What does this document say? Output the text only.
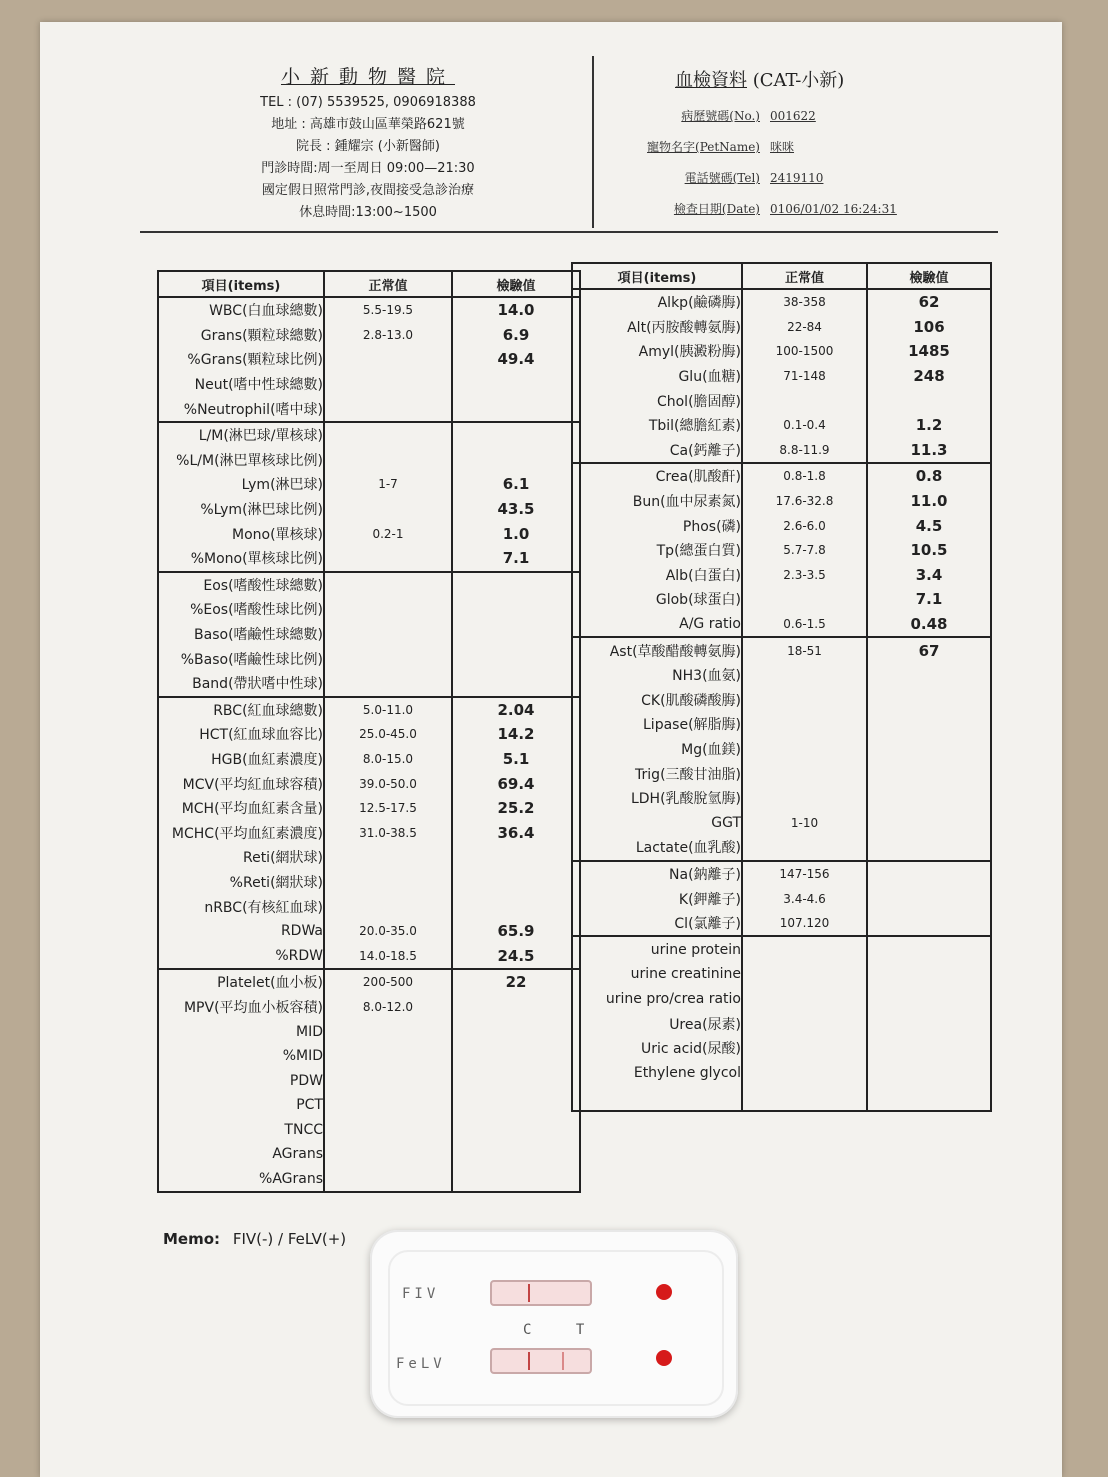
小新動物醫院
TEL : (07) 5539525, 0906918388
地址 : 高雄市鼓山區華榮路621號
院長 : 鍾耀宗 (小新醫師)
門診時間:周一至周日 09:00—21:30
國定假日照常門診,夜間接受急診治療
休息時間:13:00~1500
血檢資料 (CAT-小新)
病歷號碼(No.) 001622
寵物名字(PetName) 咪咪
電話號碼(Tel) 2419110
檢查日期(Date) 0106/01/02 16:24:31
項目(items)	正常值	檢驗值
WBC(白血球總數)	5.5-19.5	14.0
Grans(顆粒球總數)	2.8-13.0	6.9
%Grans(顆粒球比例)		49.4
Neut(嗜中性球總數)		
%Neutrophil(嗜中球)		
L/M(淋巴球/單核球)		
%L/M(淋巴單核球比例)		
Lym(淋巴球)	1-7	6.1
%Lym(淋巴球比例)		43.5
Mono(單核球)	0.2-1	1.0
%Mono(單核球比例)		7.1
Eos(嗜酸性球總數)		
%Eos(嗜酸性球比例)		
Baso(嗜鹼性球總數)		
%Baso(嗜鹼性球比例)		
Band(帶狀嗜中性球)		
RBC(紅血球總數)	5.0-11.0	2.04
HCT(紅血球血容比)	25.0-45.0	14.2
HGB(血紅素濃度)	8.0-15.0	5.1
MCV(平均紅血球容積)	39.0-50.0	69.4
MCH(平均血紅素含量)	12.5-17.5	25.2
MCHC(平均血紅素濃度)	31.0-38.5	36.4
Reti(網狀球)		
%Reti(網狀球)		
nRBC(有核紅血球)		
RDWa	20.0-35.0	65.9
%RDW	14.0-18.5	24.5
Platelet(血小板)	200-500	22
MPV(平均血小板容積)	8.0-12.0	
MID		
%MID		
PDW		
PCT		
TNCC		
AGrans		
%AGrans		
項目(items)	正常值	檢驗值
Alkp(鹼磷脢)	38-358	62
Alt(丙胺酸轉氨脢)	22-84	106
Amyl(胰澱粉脢)	100-1500	1485
Glu(血糖)	71-148	248
Chol(膽固醇)		
Tbil(總膽紅素)	0.1-0.4	1.2
Ca(鈣離子)	8.8-11.9	11.3
Crea(肌酸酐)	0.8-1.8	0.8
Bun(血中尿素氮)	17.6-32.8	11.0
Phos(磷)	2.6-6.0	4.5
Tp(總蛋白質)	5.7-7.8	10.5
Alb(白蛋白)	2.3-3.5	3.4
Glob(球蛋白)		7.1
A/G ratio	0.6-1.5	0.48
Ast(草酸醋酸轉氨脢)	18-51	67
NH3(血氨)		
CK(肌酸磷酸脢)		
Lipase(解脂脢)		
Mg(血鎂)		
Trig(三酸甘油脂)		
LDH(乳酸脫氫脢)		
GGT	1-10	
Lactate(血乳酸)		
Na(鈉離子)	147-156	
K(鉀離子)	3.4-4.6	
Cl(氯離子)	107.120	
urine protein		
urine creatinine		
urine pro/crea ratio		
Urea(尿素)		
Uric acid(尿酸)		
Ethylene glycol		

Memo: FIV(-) / FeLV(+)
FIV
C T
FeLV
